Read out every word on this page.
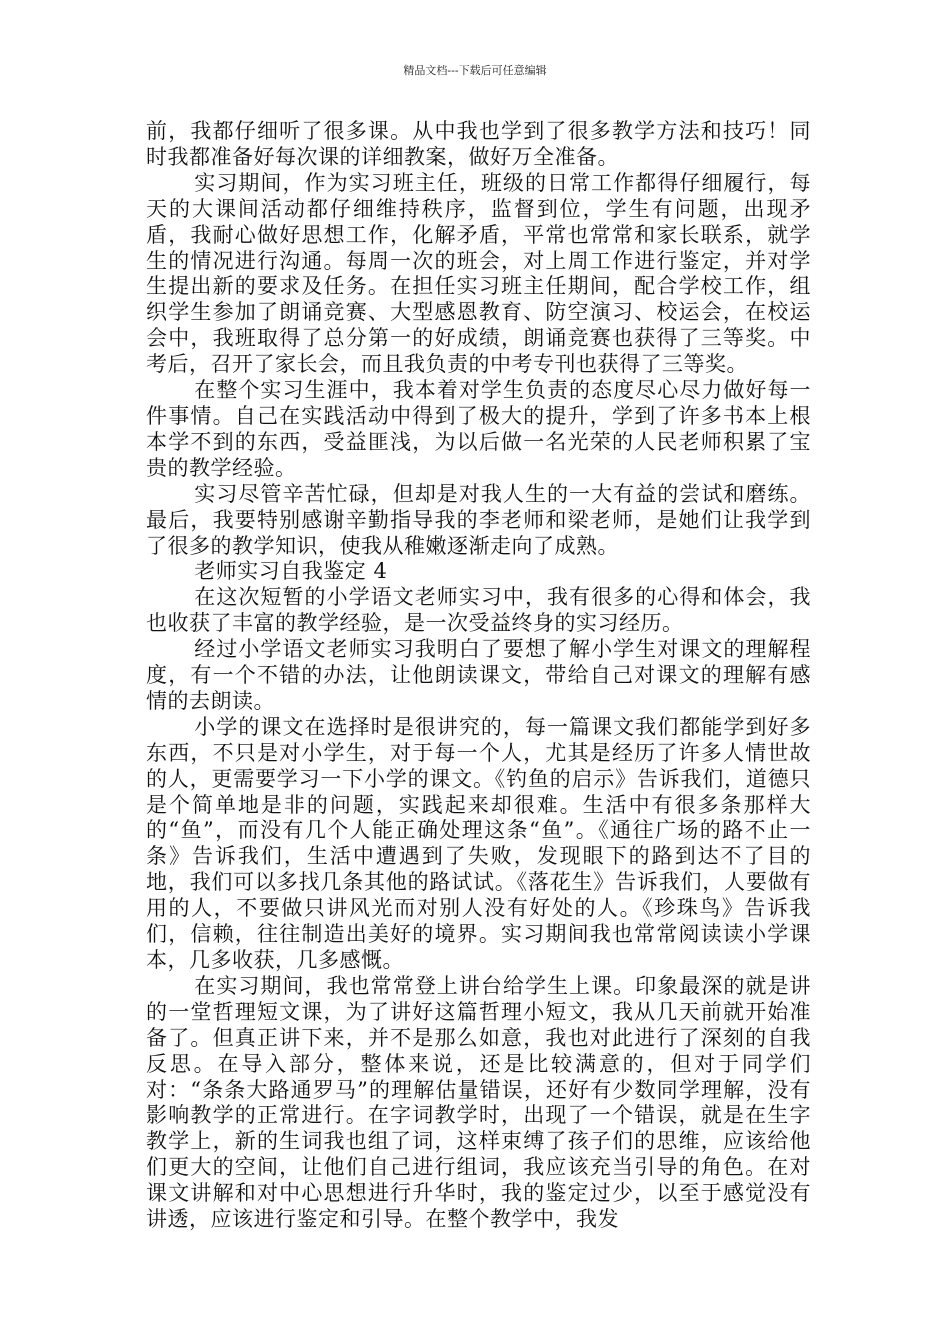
精品文档---下载后可任意编辑

前，我都仔细听了很多课。从中我也学到了很多教学方法和技巧！同时我都准备好每次课的详细教案，做好万全准备。

实习期间，作为实习班主任，班级的日常工作都得仔细履行，每天的大课间活动都仔细维持秩序，监督到位，学生有问题，出现矛盾，我耐心做好思想工作，化解矛盾，平常也常常和家长联系，就学生的情况进行沟通。每周一次的班会，对上周工作进行鉴定，并对学生提出新的要求及任务。在担任实习班主任期间，配合学校工作，组织学生参加了朗诵竞赛、大型感恩教育、防空演习、校运会，在校运会中，我班取得了总分第一的好成绩，朗诵竞赛也获得了三等奖。中考后，召开了家长会，而且我负责的中考专刊也获得了三等奖。

在整个实习生涯中，我本着对学生负责的态度尽心尽力做好每一件事情。自己在实践活动中得到了极大的提升，学到了许多书本上根本学不到的东西，受益匪浅，为以后做一名光荣的人民老师积累了宝贵的教学经验。

实习尽管辛苦忙碌，但却是对我人生的一大有益的尝试和磨练。最后，我要特别感谢辛勤指导我的李老师和梁老师，是她们让我学到了很多的教学知识，使我从稚嫩逐渐走向了成熟。

老师实习自我鉴定 4

在这次短暂的小学语文老师实习中，我有很多的心得和体会，我也收获了丰富的教学经验，是一次受益终身的实习经历。

经过小学语文老师实习我明白了要想了解小学生对课文的理解程度，有一个不错的办法，让他朗读课文，带给自己对课文的理解有感情的去朗读。

小学的课文在选择时是很讲究的，每一篇课文我们都能学到好多东西，不只是对小学生，对于每一个人，尤其是经历了许多人情世故的人，更需要学习一下小学的课文。《钓鱼的启示》告诉我们，道德只是个简单地是非的问题，实践起来却很难。生活中有很多条那样大的“鱼”，而没有几个人能正确处理这条“鱼”。《通往广场的路不止一条》告诉我们，生活中遭遇到了失败，发现眼下的路到达不了目的地，我们可以多找几条其他的路试试。《落花生》告诉我们，人要做有用的人，不要做只讲风光而对别人没有好处的人。《珍珠鸟》告诉我们，信赖，往往制造出美好的境界。实习期间我也常常阅读读小学课本，几多收获，几多感慨。

在实习期间，我也常常登上讲台给学生上课。印象最深的就是讲的一堂哲理短文课，为了讲好这篇哲理小短文，我从几天前就开始准备了。但真正讲下来，并不是那么如意，我也对此进行了深刻的自我反思。在导入部分，整体来说，还是比较满意的，但对于同学们对：“条条大路通罗马”的理解估量错误，还好有少数同学理解，没有影响教学的正常进行。在字词教学时，出现了一个错误，就是在生字教学上，新的生词我也组了词，这样束缚了孩子们的思维，应该给他们更大的空间，让他们自己进行组词，我应该充当引导的角色。在对课文讲解和对中心思想进行升华时，我的鉴定过少，以至于感觉没有讲透，应该进行鉴定和引导。在整个教学中，我发
